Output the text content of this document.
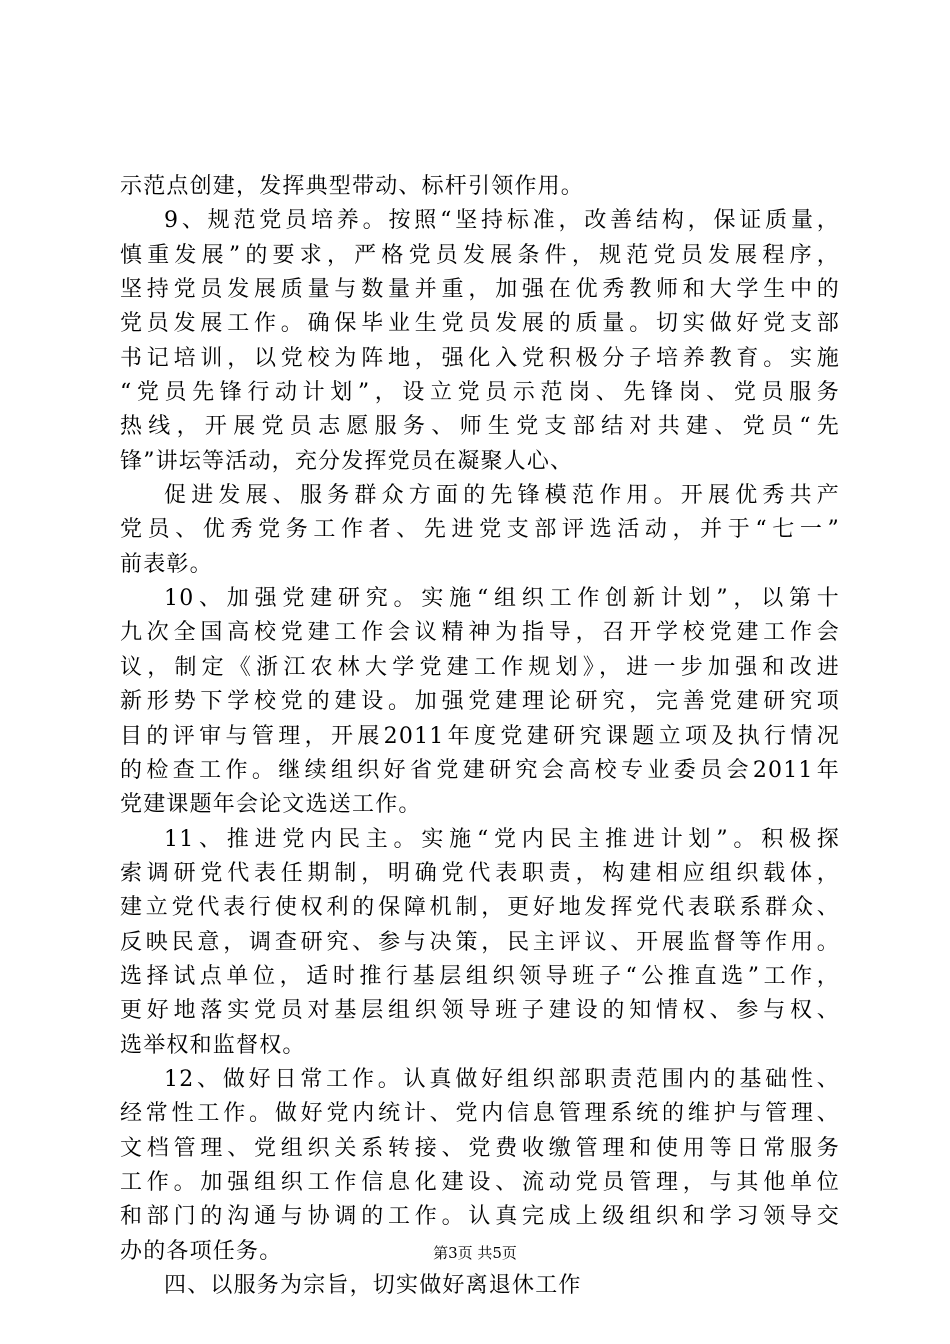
示范点创建，发挥典型带动、标杆引领作用。
9、规范党员培养。按照“坚持标准，改善结构，保证质量，
慎重发展”的要求，严格党员发展条件，规范党员发展程序，
坚持党员发展质量与数量并重，加强在优秀教师和大学生中的
党员发展工作。确保毕业生党员发展的质量。切实做好党支部
书记培训，以党校为阵地，强化入党积极分子培养教育。实施
“党员先锋行动计划”，设立党员示范岗、先锋岗、党员服务
热线，开展党员志愿服务、师生党支部结对共建、党员“先
锋”讲坛等活动，充分发挥党员在凝聚人心、
促进发展、服务群众方面的先锋模范作用。开展优秀共产
党员、优秀党务工作者、先进党支部评选活动，并于“七一”
前表彰。
10、加强党建研究。实施“组织工作创新计划”，以第十
九次全国高校党建工作会议精神为指导，召开学校党建工作会
议，制定《浙江农林大学党建工作规划》，进一步加强和改进
新形势下学校党的建设。加强党建理论研究，完善党建研究项
目的评审与管理，开展2011年度党建研究课题立项及执行情况
的检查工作。继续组织好省党建研究会高校专业委员会2011年
党建课题年会论文选送工作。
11、推进党内民主。实施“党内民主推进计划”。积极探
索调研党代表任期制，明确党代表职责，构建相应组织载体，
建立党代表行使权利的保障机制，更好地发挥党代表联系群众、
反映民意，调查研究、参与决策，民主评议、开展监督等作用。
选择试点单位，适时推行基层组织领导班子“公推直选”工作，
更好地落实党员对基层组织领导班子建设的知情权、参与权、
选举权和监督权。
12、做好日常工作。认真做好组织部职责范围内的基础性、
经常性工作。做好党内统计、党内信息管理系统的维护与管理、
文档管理、党组织关系转接、党费收缴管理和使用等日常服务
工作。加强组织工作信息化建设、流动党员管理，与其他单位
和部门的沟通与协调的工作。认真完成上级组织和学习领导交
办的各项任务。
四、以服务为宗旨，切实做好离退休工作
第3页 共5页
